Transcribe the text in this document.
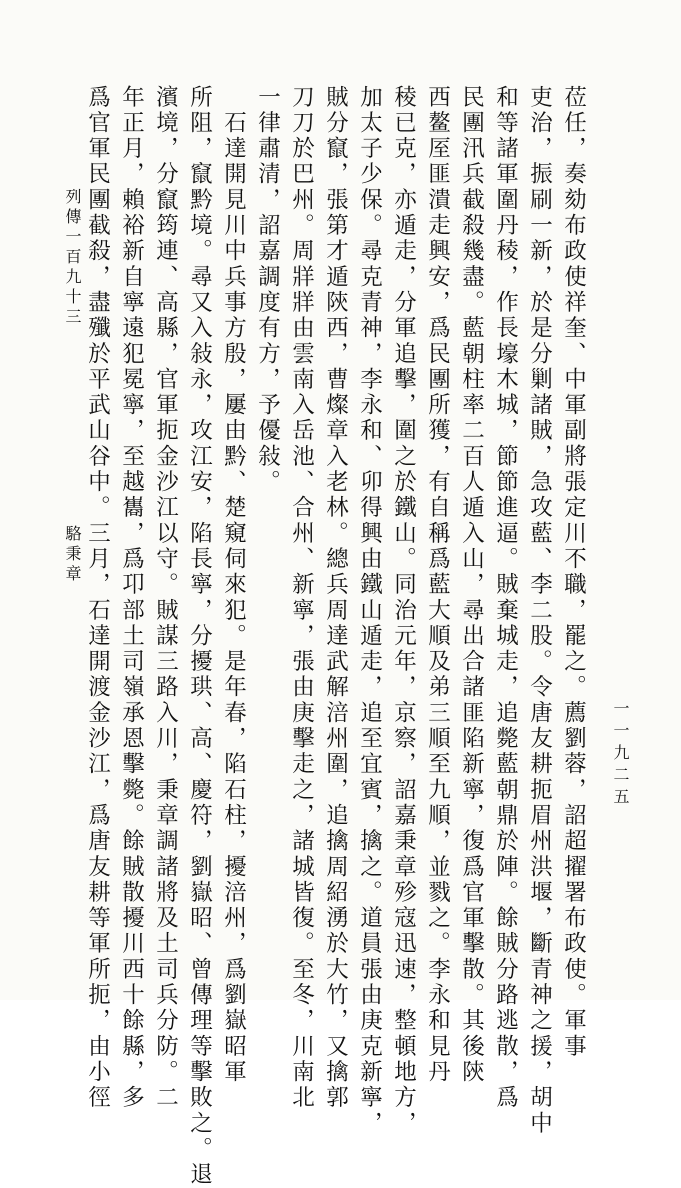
莅任，奏劾布政使祥奎、中軍副將張定川不職，罷之。薦劉蓉，詔超擢署布政使。軍事
吏治，振刷一新，於是分剿諸賊，急攻藍、李二股。令唐友耕扼眉州洪堰，斷青神之援，胡中
和等諸軍圍丹稜，作長壕木城，節節進逼。賊棄城走，追斃藍朝鼎於陣。餘賊分路逃散，爲
民團汛兵截殺幾盡。藍朝柱率二百人遁入山，尋出合諸匪陷新寧，復爲官軍擊散。其後陝
西鳌厔匪潰走興安，爲民團所獲，有自稱爲藍大順及弟三順至九順，並戮之。李永和見丹
稜已克，亦遁走，分軍追擊，圍之於鐵山。同治元年，京察，詔嘉秉章殄寇迅速，整頓地方，
加太子少保。尋克青神，李永和、卯得興由鐵山遁走，追至宜賓，擒之。道員張由庚克新寧，
賊分竄，張第才遁陝西，曹燦章入老林。總兵周達武解涪州圍，追擒周紹湧於大竹，又擒郭
刀刀於巴州。周牂牂由雲南入岳池、合州、新寧，張由庚擊走之，諸城皆復。至冬，川南北
一律肅清，詔嘉調度有方，予優敍。
　石達開見川中兵事方殷，屢由黔、楚窺伺來犯。是年春，陷石柱，擾涪州，爲劉嶽昭軍
所阻，竄黔境。尋又入敍永，攻江安，陷長寧，分擾珙、高、慶符，劉嶽昭、曾傳理等擊敗之。退
濱境，分竄筠連、高縣，官軍扼金沙江以守。賊謀三路入川，秉章調諸將及土司兵分防。二
年正月，賴裕新自寧遠犯冕寧，至越巂，爲卭部土司嶺承恩擊斃。餘賊散擾川西十餘縣，多
爲官軍民團截殺，盡殲於平武山谷中。三月，石達開渡金沙江，爲唐友耕等軍所扼，由小徑
列傳一百九十三
駱秉章
一一九二五
